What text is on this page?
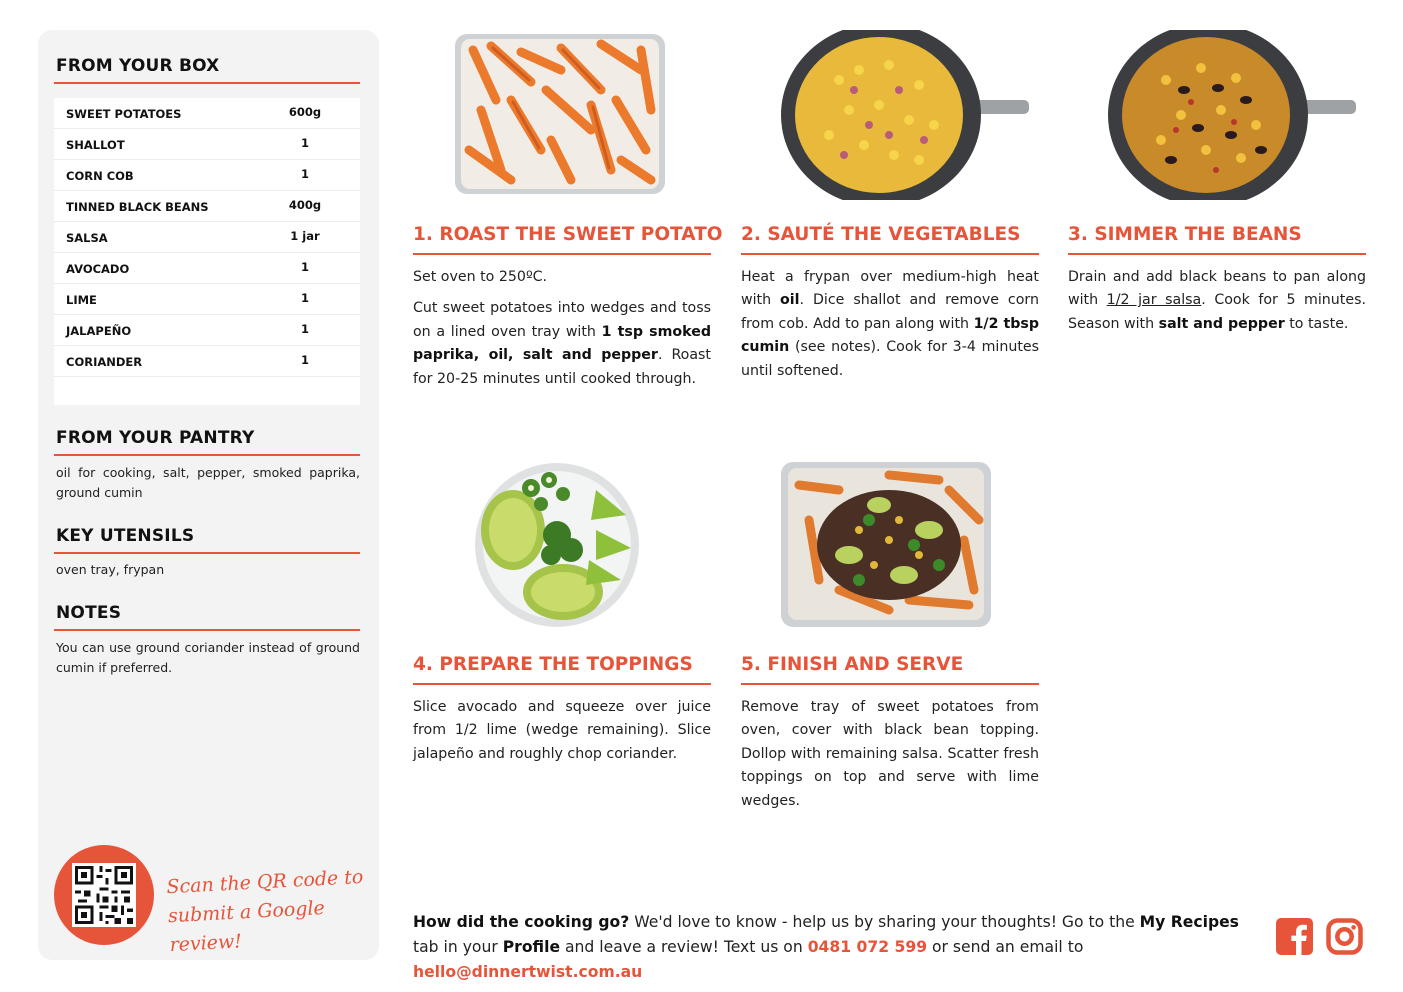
FROM YOUR BOX
SWEET POTATOES	600g
SHALLOT	1
CORN COB	1
TINNED BLACK BEANS	400g
SALSA	1 jar
AVOCADO	1
LIME	1
JALAPEÑO	1
CORIANDER	1
FROM YOUR PANTRY
oil for cooking, salt, pepper, smoked paprika, ground cumin
KEY UTENSILS
oven tray, frypan
NOTES
You can use ground coriander instead of ground cumin if preferred.
Scan the QR code to
submit a Google review!
1. ROAST THE SWEET POTATO

Set oven to 250ºC.

Cut sweet potatoes into wedges and toss on a lined oven tray with 1 tsp smoked paprika, oil, salt and pepper. Roast for 20-25 minutes until cooked through.

2. SAUTÉ THE VEGETABLES

Heat a frypan over medium-high heat with oil. Dice shallot and remove corn from cob. Add to pan along with 1/2 tbsp cumin (see notes). Cook for 3-4 minutes until softened.

3. SIMMER THE BEANS

Drain and add black beans to pan along with 1/2 jar salsa. Cook for 5 minutes. Season with salt and pepper to taste.

4. PREPARE THE TOPPINGS

Slice avocado and squeeze over juice from 1/2 lime (wedge remaining). Slice jalapeño and roughly chop coriander.

5. FINISH AND SERVE

Remove tray of sweet potatoes from oven, cover with black bean topping. Dollop with remaining salsa. Scatter fresh toppings on top and serve with lime wedges.

How did the cooking go? We'd love to know - help us by sharing your thoughts! Go to the My Recipes tab in your Profile and leave a review! Text us on 0481 072 599 or send an email to hello@dinnertwist.com.au
